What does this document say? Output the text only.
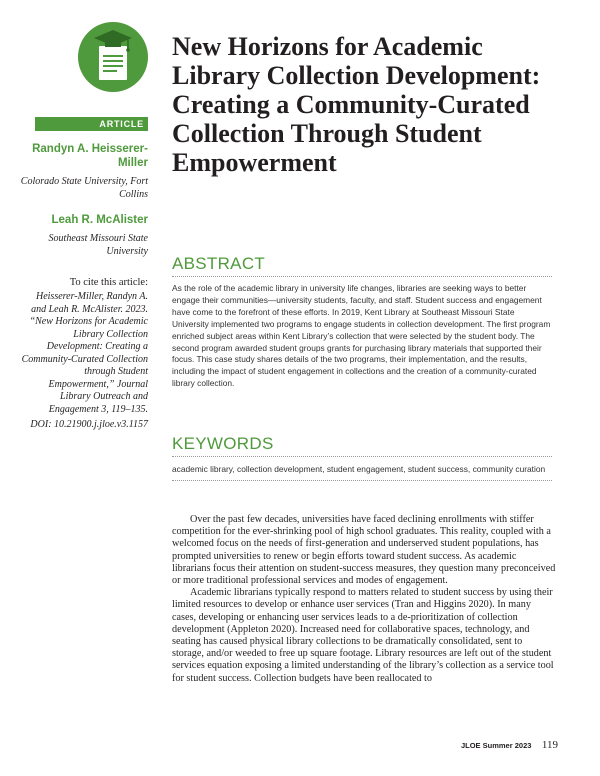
ARTICLE
Randyn A. Heisserer-Miller
Colorado State University, Fort Collins
Leah R. McAlister
Southeast Missouri State University
To cite this article:
Heisserer-Miller, Randyn A. and Leah R. McAlister. 2023. “New Horizons for Academic Library Collection Development: Creating a Community-Curated Collection through Student Empowerment,” Journal Library Outreach and Engagement 3, 119–135.
DOI: 10.21900.j.jloe.v3.1157
New Horizons for Academic Library Collection Development: Creating a Community-Curated Collection Through Student Empowerment
ABSTRACT

As the role of the academic library in university life changes, libraries are seeking ways to better engage their communities—university students, faculty, and staff. Student success and engagement have come to the forefront of these efforts. In 2019, Kent Library at Southeast Missouri State University implemented two programs to engage students in collection development. The first program enriched subject areas within Kent Library’s collection that were selected by the student body. The second program awarded student groups grants for purchasing library materials that supported their focus. This case study shares details of the two programs, their implementation, and the results, including the impact of student engagement in collections and the creation of a community-curated library collection.

KEYWORDS

academic library, collection development, student engagement, student success, community curation

Over the past few decades, universities have faced declining enrollments with stiffer competition for the ever-shrinking pool of high school graduates. This reality, coupled with a welcomed focus on the needs of first-generation and underserved student populations, has prompted universities to renew or begin efforts toward student success. As academic librarians focus their attention on student-success measures, they question many preconceived or more traditional professional services and modes of engagement.

Academic librarians typically respond to matters related to student success by using their limited resources to develop or enhance user services (Tran and Higgins 2020). In many cases, developing or enhancing user services leads to a de-prioritization of collection development (Appleton 2020). Increased need for collaborative spaces, technology, and seating has caused physical library collections to be dramatically consolidated, sent to storage, and/or weeded to free up square footage. Library resources are left out of the student services equation exposing a limited understanding of the library’s collection as a service tool for student success. Collection budgets have been reallocated to

JLOE Summer 2023 119
